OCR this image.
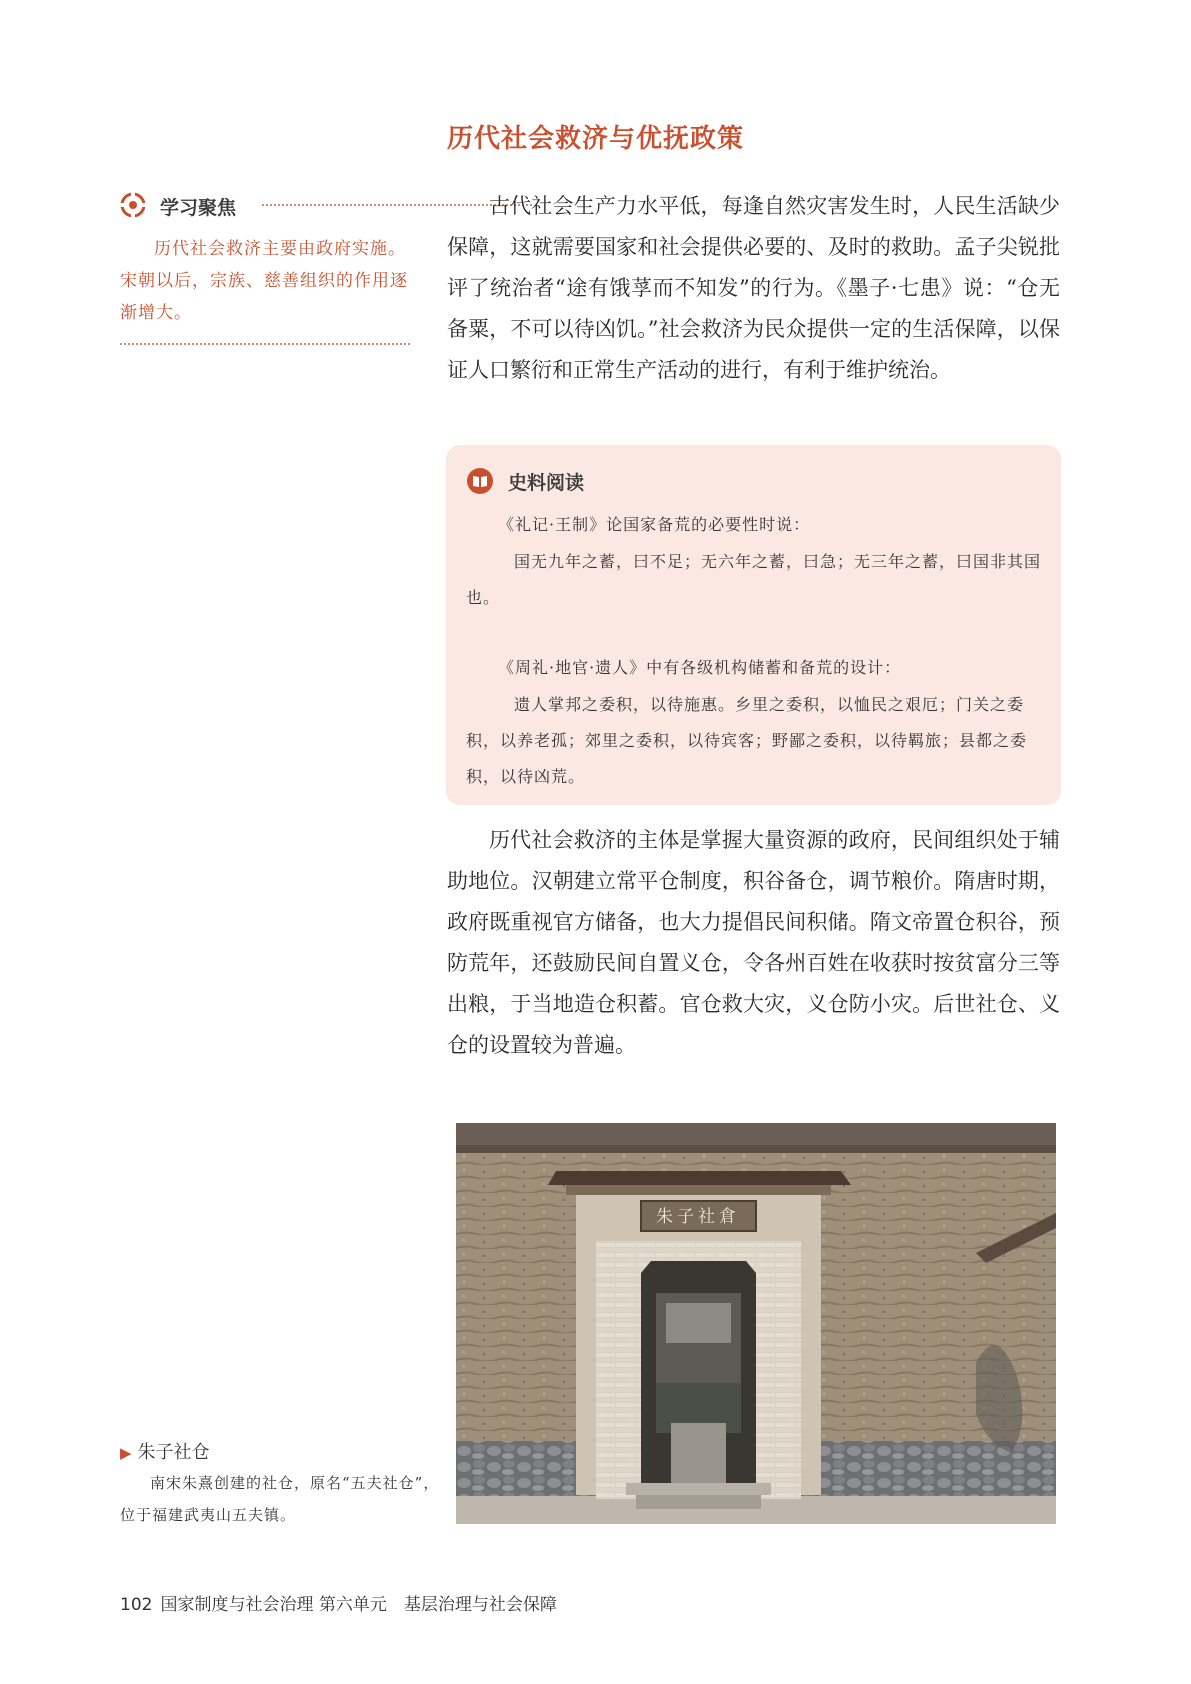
历代社会救济与优抚政策
学习聚焦

历代社会救济主要由政府实施。宋朝以后，宗族、慈善组织的作用逐渐增大。

古代社会生产力水平低，每逢自然灾害发生时，人民生活缺少保障，这就需要国家和社会提供必要的、及时的救助。孟子尖锐批评了统治者“途有饿莩而不知发”的行为。《墨子·七患》说：“仓无备粟，不可以待凶饥。”社会救济为民众提供一定的生活保障，以保证人口繁衍和正常生产活动的进行，有利于维护统治。

史料阅读

《礼记·王制》论国家备荒的必要性时说：

国无九年之蓄，曰不足；无六年之蓄，曰急；无三年之蓄，曰国非其国也。

《周礼·地官·遗人》中有各级机构储蓄和备荒的设计：

遗人掌邦之委积，以待施惠。乡里之委积，以恤民之艰厄；门关之委积，以养老孤；郊里之委积，以待宾客；野鄙之委积，以待羁旅；县都之委积，以待凶荒。

历代社会救济的主体是掌握大量资源的政府，民间组织处于辅助地位。汉朝建立常平仓制度，积谷备仓，调节粮价。隋唐时期，政府既重视官方储备，也大力提倡民间积储。隋文帝置仓积谷，预防荒年，还鼓励民间自置义仓，令各州百姓在收获时按贫富分三等出粮，于当地造仓积蓄。官仓救大灾，义仓防小灾。后世社仓、义仓的设置较为普遍。

朱子社倉
▶ 朱子社仓

南宋朱熹创建的社仓，原名“五夫社仓”，位于福建武夷山五夫镇。

102 国家制度与社会治理 第六单元　基层治理与社会保障
